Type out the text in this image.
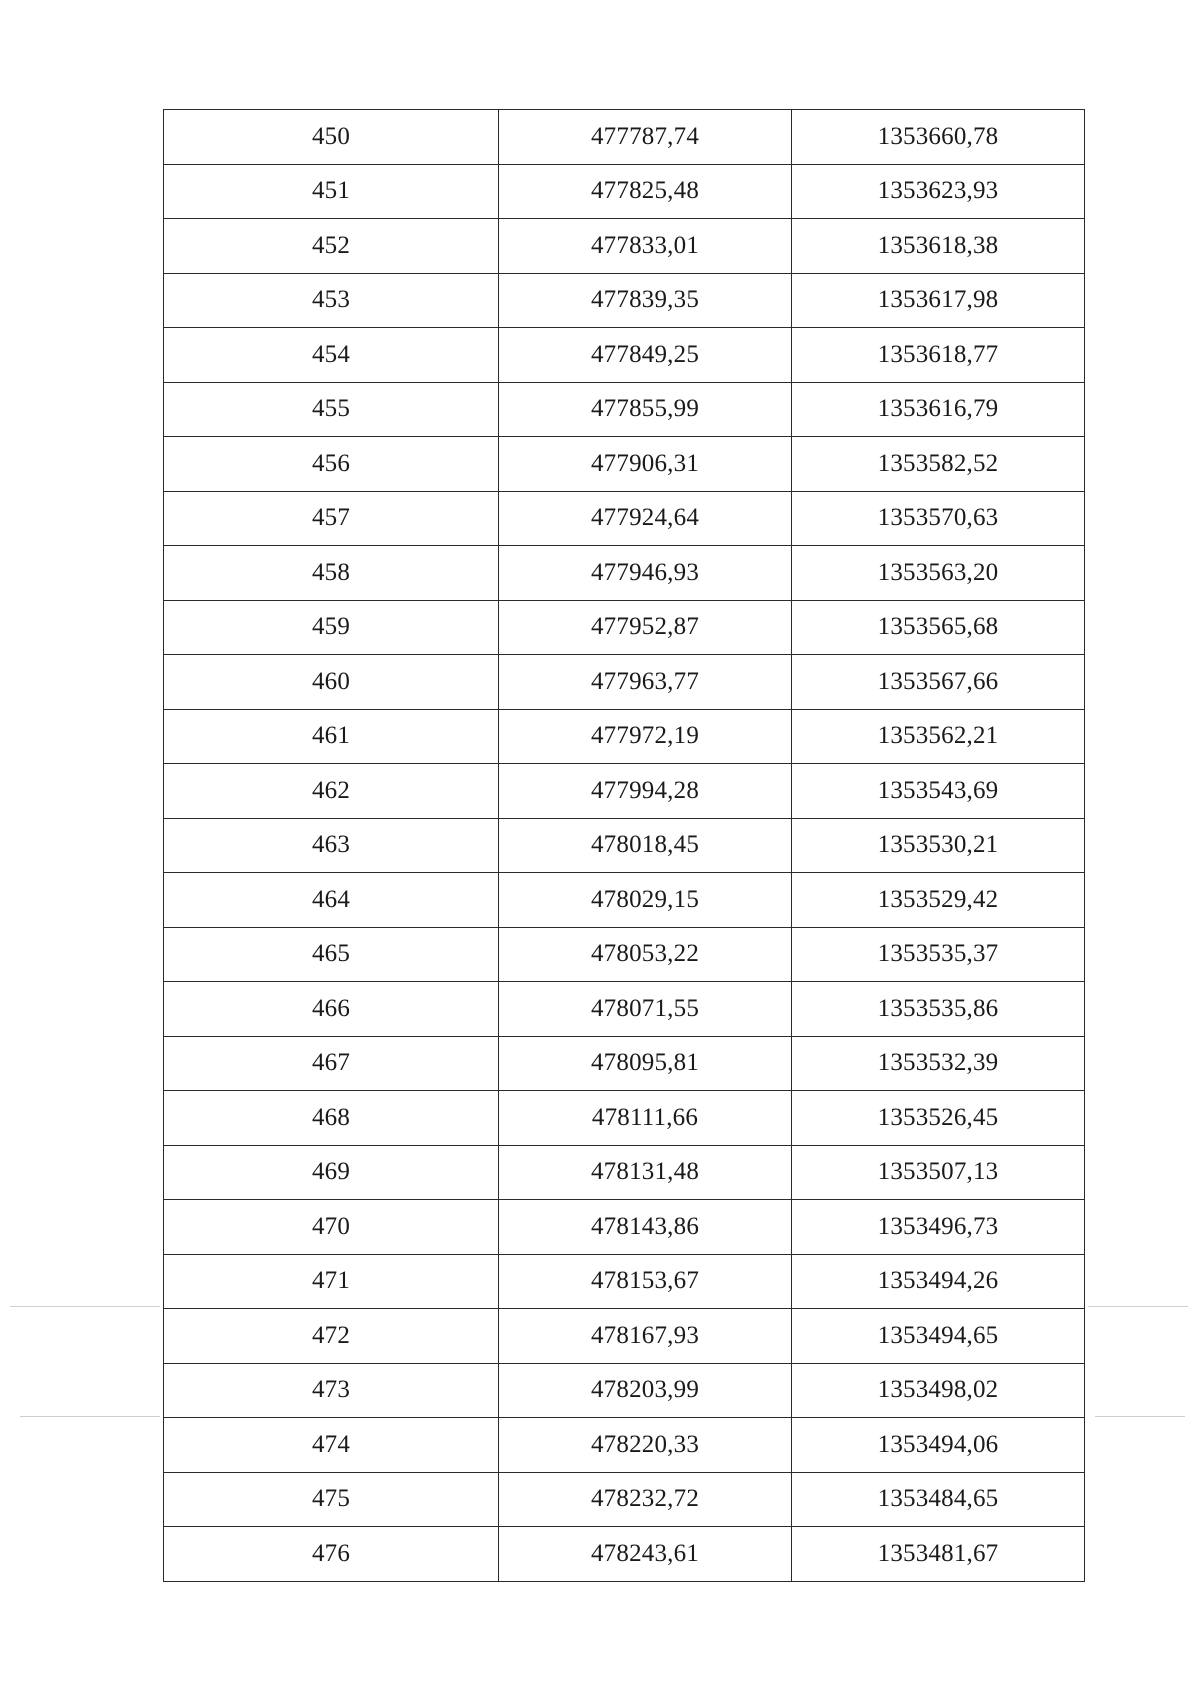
450	477787,74	1353660,78
451	477825,48	1353623,93
452	477833,01	1353618,38
453	477839,35	1353617,98
454	477849,25	1353618,77
455	477855,99	1353616,79
456	477906,31	1353582,52
457	477924,64	1353570,63
458	477946,93	1353563,20
459	477952,87	1353565,68
460	477963,77	1353567,66
461	477972,19	1353562,21
462	477994,28	1353543,69
463	478018,45	1353530,21
464	478029,15	1353529,42
465	478053,22	1353535,37
466	478071,55	1353535,86
467	478095,81	1353532,39
468	478111,66	1353526,45
469	478131,48	1353507,13
470	478143,86	1353496,73
471	478153,67	1353494,26
472	478167,93	1353494,65
473	478203,99	1353498,02
474	478220,33	1353494,06
475	478232,72	1353484,65
476	478243,61	1353481,67
